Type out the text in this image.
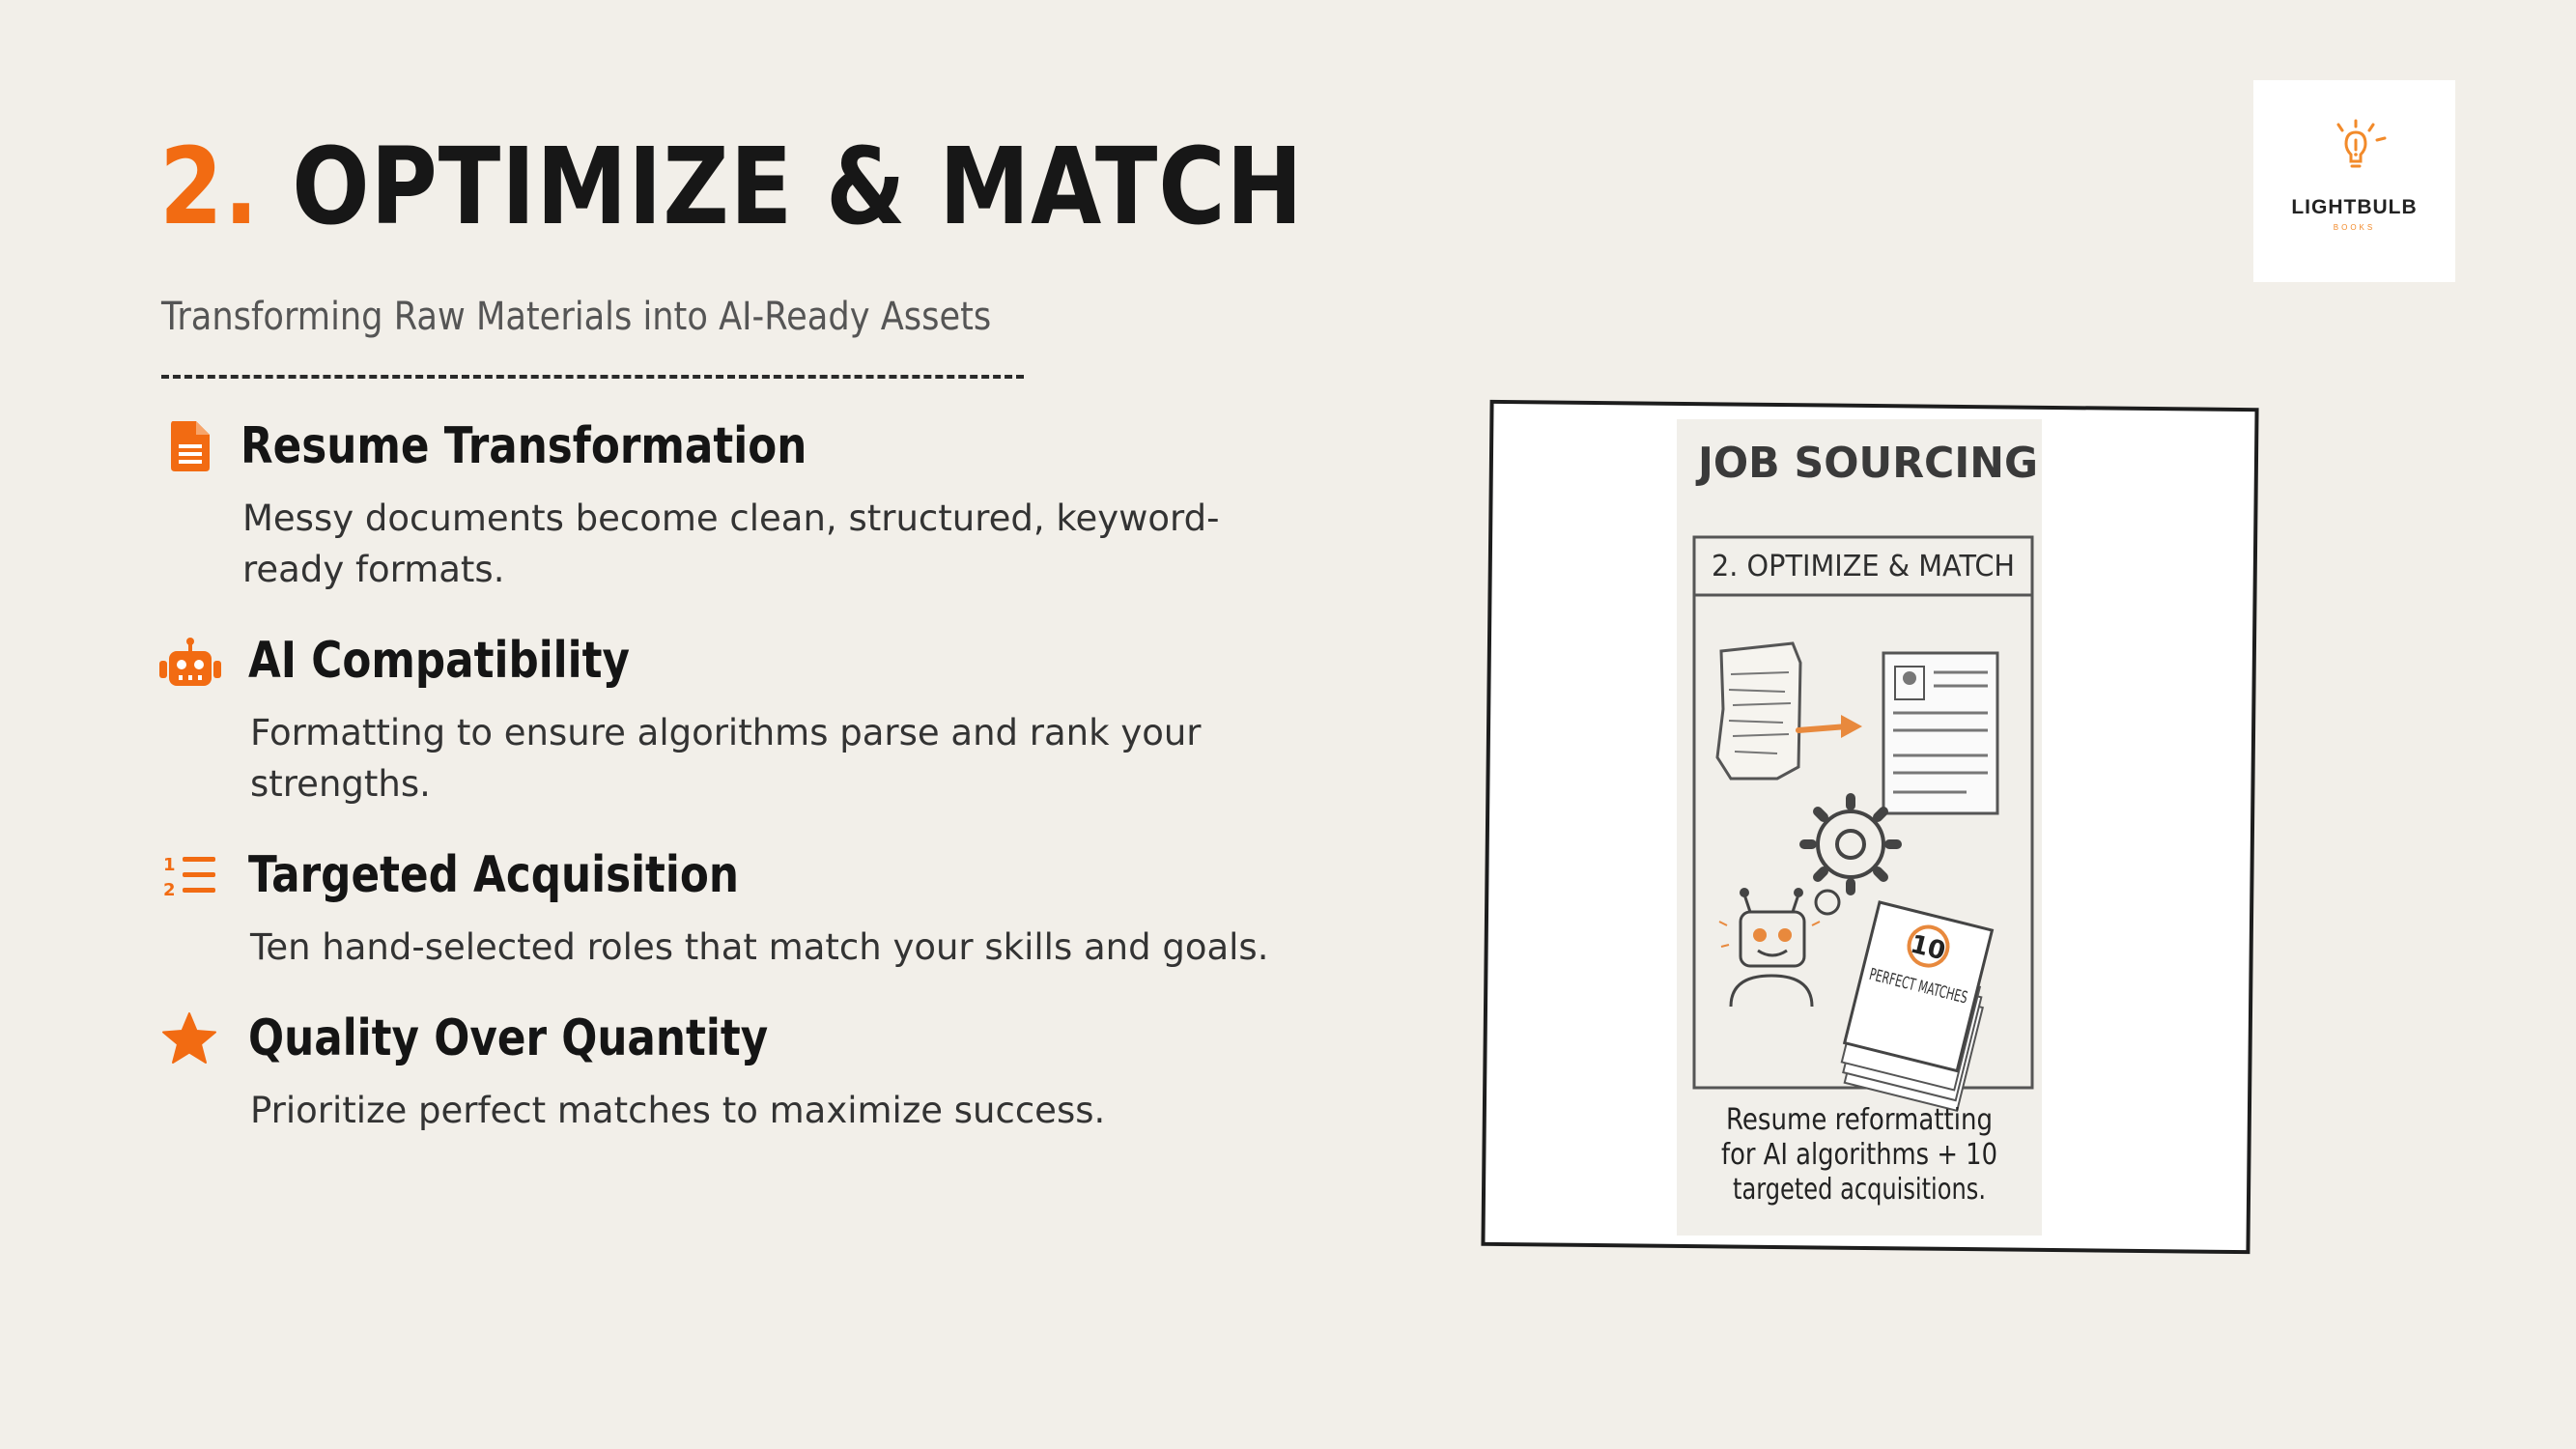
2. OPTIMIZE & MATCH
Transforming Raw Materials into AI-Ready Assets
Resume Transformation
Messy documents become clean, structured, keyword-ready formats.
AI Compatibility
Formatting to ensure algorithms parse and rank your strengths.
1
2 Targeted Acquisition
Ten hand-selected roles that match your skills and goals.
Quality Over Quantity
Prioritize perfect matches to maximize success.
LIGHTBULB
BOOKS
JOB SOURCING
2. OPTIMIZE & MATCH
10
PERFECT MATCHES
Resume reformatting
for AI algorithms + 10
targeted acquisitions.
